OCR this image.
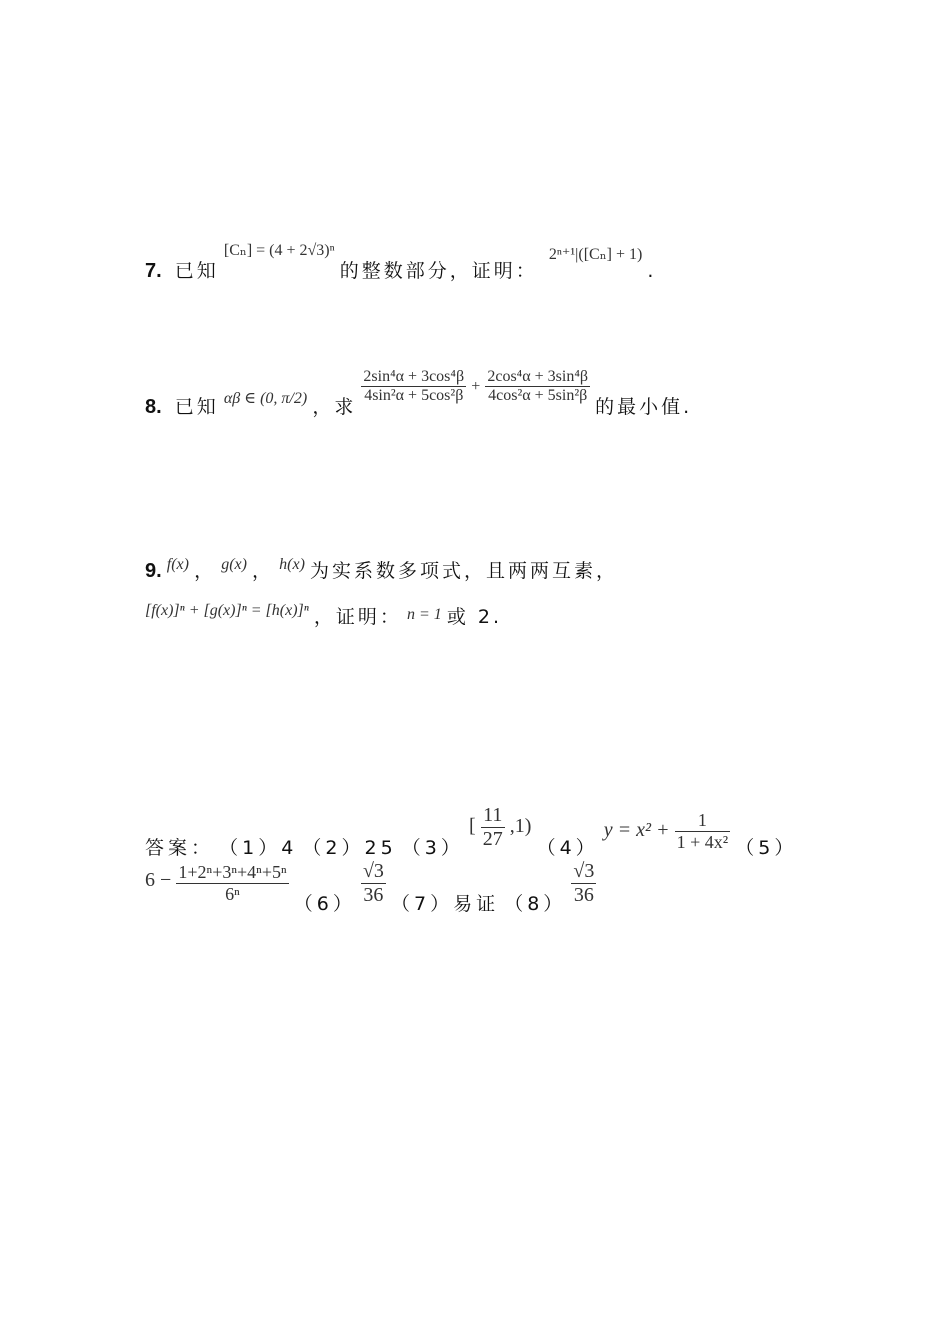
7. 已知 [Cₙ] = (4 + 2√3)ⁿ 的整数部分，证明： 2ⁿ⁺¹|([Cₙ] + 1) .
8. 已知 αβ ∈ (0, π/2) ，求
$\frac{\text{2sin⁴α + 3cos⁴β}}{\text{4sin²α + 5cos²β}} + \frac{\text{2cos⁴α + 3sin⁴β}}{\text{4cos²α + 5sin²β}}$
的最小值.
9. f(x) ， g(x) ， h(x) 为实系数多项式，且两两互素，
[f(x)]ⁿ + [g(x)]ⁿ = [h(x)]ⁿ ，证明： n = 1 或 2.
答案： （1）4 （2）25 （3） [ $\frac{11}{27} ,1$) （4） $y = x^2 + \frac{1}{\text{1 + 4x²}} (5)$
$6 - \frac{\text{1+2ⁿ+3ⁿ+4ⁿ+5ⁿ}}{\text{6ⁿ}} (6) \frac{√3}{36} (7)$易证 $(8) \frac{√3}{36}$
